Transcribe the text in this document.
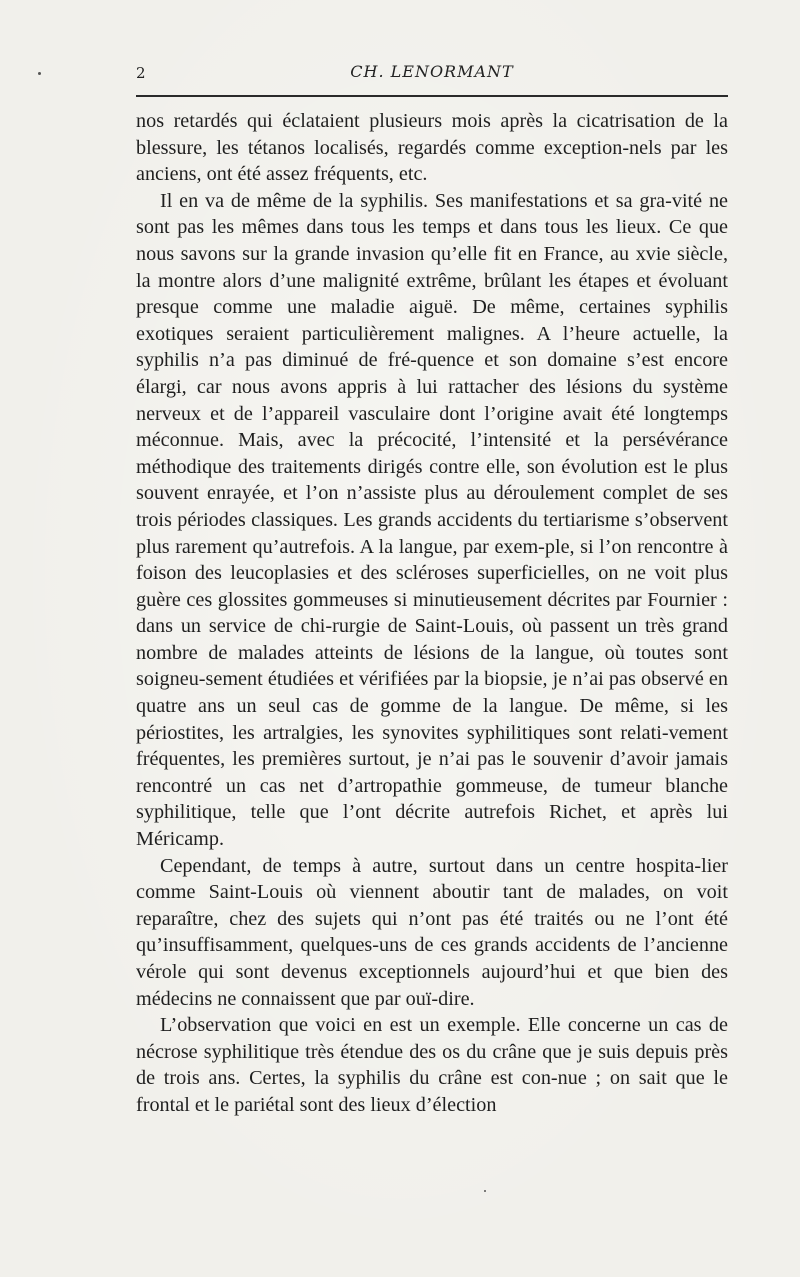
2	CH. LENORMANT

nos retardés qui éclataient plusieurs mois après la cicatrisation de la blessure, les tétanos localisés, regardés comme exception-nels par les anciens, ont été assez fréquents, etc.

Il en va de même de la syphilis. Ses manifestations et sa gra-vité ne sont pas les mêmes dans tous les temps et dans tous les lieux. Ce que nous savons sur la grande invasion qu’elle fit en France, au xvie siècle, la montre alors d’une malignité extrême, brûlant les étapes et évoluant presque comme une maladie aiguë. De même, certaines syphilis exotiques seraient particulièrement malignes. A l’heure actuelle, la syphilis n’a pas diminué de fré-quence et son domaine s’est encore élargi, car nous avons appris à lui rattacher des lésions du système nerveux et de l’appareil vasculaire dont l’origine avait été longtemps méconnue. Mais, avec la précocité, l’intensité et la persévérance méthodique des traitements dirigés contre elle, son évolution est le plus souvent enrayée, et l’on n’assiste plus au déroulement complet de ses trois périodes classiques. Les grands accidents du tertiarisme s’observent plus rarement qu’autrefois. A la langue, par exem-ple, si l’on rencontre à foison des leucoplasies et des scléroses superficielles, on ne voit plus guère ces glossites gommeuses si minutieusement décrites par Fournier : dans un service de chi-rurgie de Saint-Louis, où passent un très grand nombre de malades atteints de lésions de la langue, où toutes sont soigneu-sement étudiées et vérifiées par la biopsie, je n’ai pas observé en quatre ans un seul cas de gomme de la langue. De même, si les périostites, les artralgies, les synovites syphilitiques sont relati-vement fréquentes, les premières surtout, je n’ai pas le souvenir d’avoir jamais rencontré un cas net d’artropathie gommeuse, de tumeur blanche syphilitique, telle que l’ont décrite autrefois Richet, et après lui Méricamp.

Cependant, de temps à autre, surtout dans un centre hospita-lier comme Saint-Louis où viennent aboutir tant de malades, on voit reparaître, chez des sujets qui n’ont pas été traités ou ne l’ont été qu’insuffisamment, quelques-uns de ces grands accidents de l’ancienne vérole qui sont devenus exceptionnels aujourd’hui et que bien des médecins ne connaissent que par ouï-dire.

L’observation que voici en est un exemple. Elle concerne un cas de nécrose syphilitique très étendue des os du crâne que je suis depuis près de trois ans. Certes, la syphilis du crâne est con-nue ; on sait que le frontal et le pariétal sont des lieux d’élection
